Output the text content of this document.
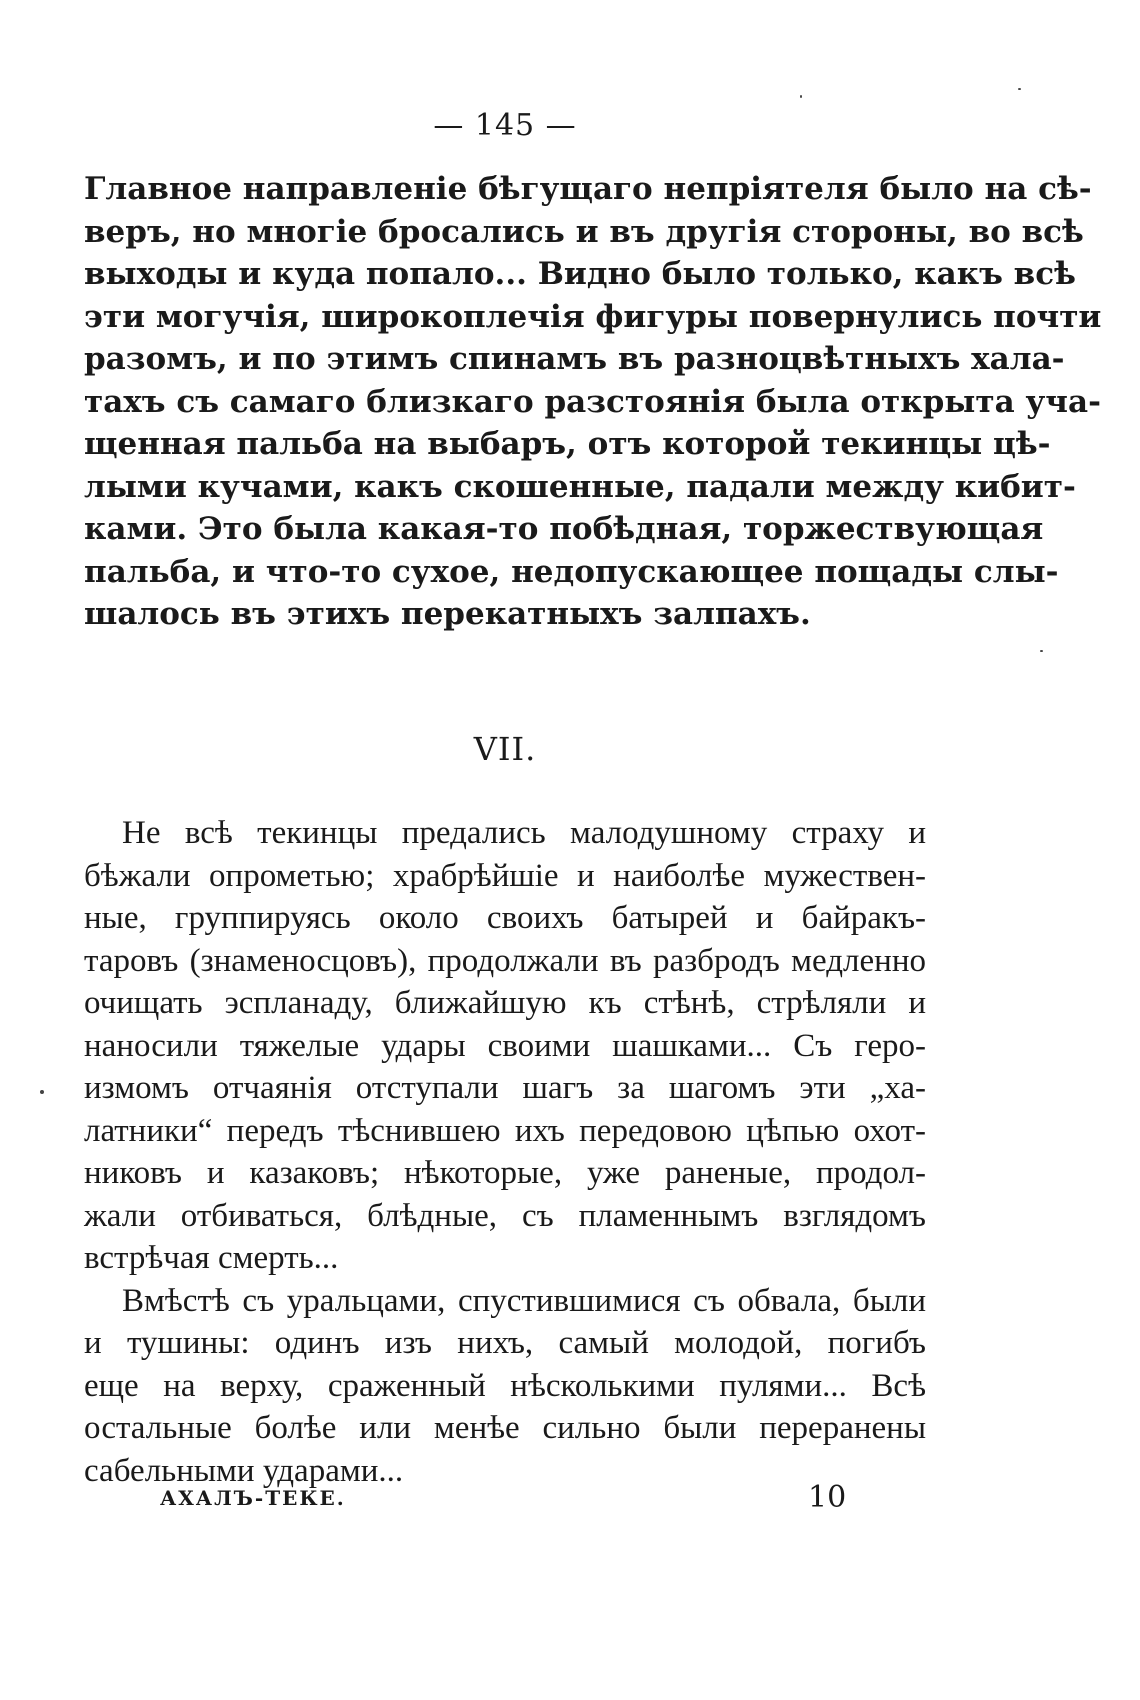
— 145 —
Главное направленіе бѣгущаго непріятеля было на сѣ-
веръ, но многіе бросались и въ другія стороны, во всѣ
выходы и куда попало... Видно было только, какъ всѣ
эти могучія, широкоплечія фигуры повернулись почти
разомъ, и по этимъ спинамъ въ разноцвѣтныхъ хала-
тахъ съ самаго близкаго разстоянія была открыта уча-
щенная пальба на выбаръ, отъ которой текинцы цѣ-
лыми кучами, какъ скошенные, падали между кибит-
ками. Это была какая-то побѣдная, торжествующая
пальба, и что-то сухое, недопускающее пощады слы-
шалось въ этихъ перекатныхъ залпахъ.
VII.
Не всѣ текинцы предались малодушному страху и
бѣжали опрометью; храбрѣйшіе и наиболѣе мужествен-
ные, группируясь около своихъ батырей и байракъ-
таровъ (знаменосцовъ), продолжали въ разбродъ медленно
очищать эспланаду, ближайшую къ стѣнѣ, стрѣляли и
наносили тяжелые удары своими шашками... Съ геро-
измомъ отчаянія отступали шагъ за шагомъ эти „ха-
латники“ передъ тѣснившею ихъ передовою цѣпью охот-
никовъ и казаковъ; нѣкоторые, уже раненые, продол-
жали отбиваться, блѣдные, съ пламеннымъ взглядомъ
встрѣчая смерть...
Вмѣстѣ съ уральцами, спустившимися съ обвала, были
и тушины: одинъ изъ нихъ, самый молодой, погибъ
еще на верху, сраженный нѣсколькими пулями... Всѣ
остальные болѣе или менѣе сильно были переранены
сабельными ударами...
АХАЛЪ-ТЕКЕ.	10
